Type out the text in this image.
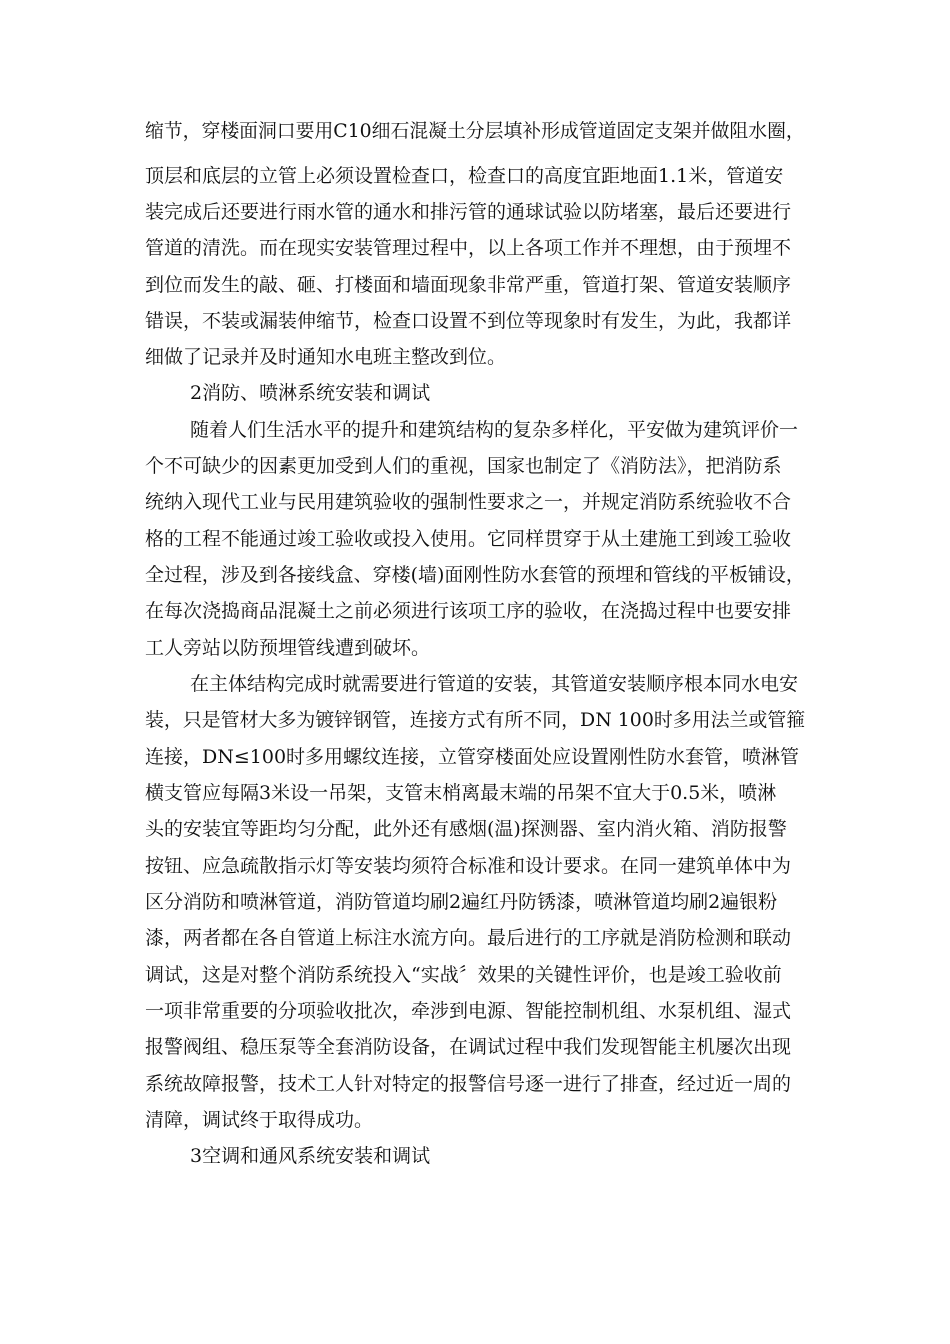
缩节，穿楼面洞口要用C10细石混凝土分层填补形成管道固定支架并做阻水圈，
顶层和底层的立管上必须设置检查口，检查口的高度宜距地面1.1米，管道安
装完成后还要进行雨水管的通水和排污管的通球试验以防堵塞，最后还要进行
管道的清洗。而在现实安装管理过程中，以上各项工作并不理想，由于预埋不
到位而发生的敲、砸、打楼面和墙面现象非常严重，管道打架、管道安装顺序
错误，不装或漏装伸缩节，检查口设置不到位等现象时有发生，为此，我都详
细做了记录并及时通知水电班主整改到位。
2消防、喷淋系统安装和调试
随着人们生活水平的提升和建筑结构的复杂多样化，平安做为建筑评价一
个不可缺少的因素更加受到人们的重视，国家也制定了《消防法》，把消防系
统纳入现代工业与民用建筑验收的强制性要求之一，并规定消防系统验收不合
格的工程不能通过竣工验收或投入使用。它同样贯穿于从土建施工到竣工验收
全过程，涉及到各接线盒、穿楼(墙)面刚性防水套管的预埋和管线的平板铺设，
在每次浇捣商品混凝土之前必须进行该项工序的验收，在浇捣过程中也要安排
工人旁站以防预埋管线遭到破坏。
在主体结构完成时就需要进行管道的安装，其管道安装顺序根本同水电安
装，只是管材大多为镀锌钢管，连接方式有所不同，DN 100时多用法兰或管箍
连接，DN≤100时多用螺纹连接，立管穿楼面处应设置刚性防水套管，喷淋管
横支管应每隔3米设一吊架，支管末梢离最末端的吊架不宜大于0.5米，喷淋
头的安装宜等距均匀分配，此外还有感烟(温)探测器、室内消火箱、消防报警
按钮、应急疏散指示灯等安装均须符合标准和设计要求。在同一建筑单体中为
区分消防和喷淋管道，消防管道均刷2遍红丹防锈漆，喷淋管道均刷2遍银粉
漆，两者都在各自管道上标注水流方向。最后进行的工序就是消防检测和联动
调试，这是对整个消防系统投入“实战〞效果的关键性评价，也是竣工验收前
一项非常重要的分项验收批次，牵涉到电源、智能控制机组、水泵机组、湿式
报警阀组、稳压泵等全套消防设备，在调试过程中我们发现智能主机屡次出现
系统故障报警，技术工人针对特定的报警信号逐一进行了排查，经过近一周的
清障，调试终于取得成功。
3空调和通风系统安装和调试
